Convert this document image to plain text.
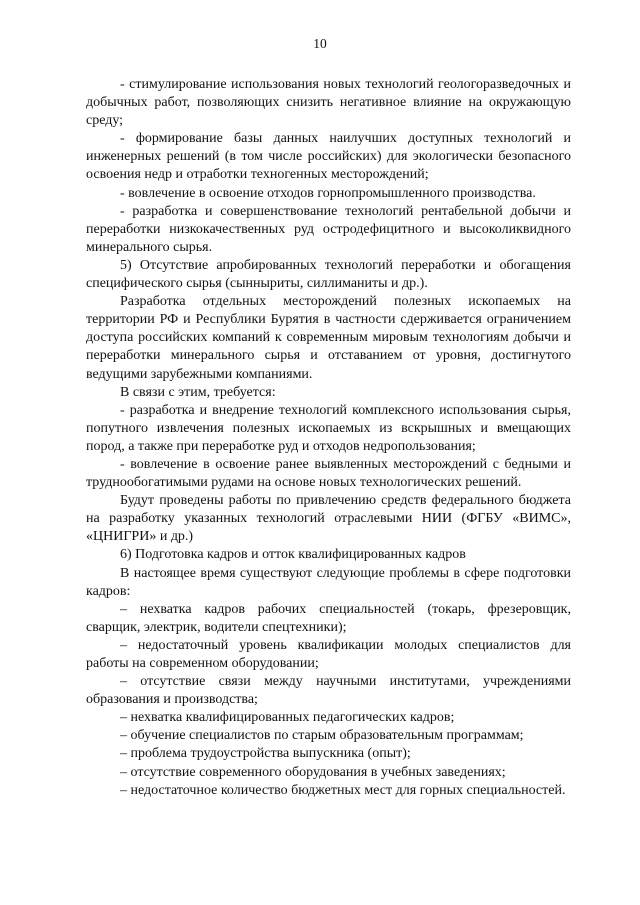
10

- стимулирование использования новых технологий геологоразведочных и добычных работ, позволяющих снизить негативное влияние на окружающую среду;

- формирование базы данных наилучших доступных технологий и инженерных решений (в том числе российских) для экологически безопасного освоения недр и отработки техногенных месторождений;

- вовлечение в освоение отходов горнопромышленного производства.

- разработка и совершенствование технологий рентабельной добычи и переработки низкокачественных руд остродефицитного и высоколиквидного минерального сырья.

5) Отсутствие апробированных технологий переработки и обогащения специфического сырья (сынныриты, силлиманиты и др.).

Разработка отдельных месторождений полезных ископаемых на территории РФ и Республики Бурятия в частности сдерживается ограничением доступа российских компаний к современным мировым технологиям добычи и переработки минерального сырья и отставанием от уровня, достигнутого ведущими зарубежными компаниями.

В связи с этим, требуется:

- разработка и внедрение технологий комплексного использования сырья, попутного извлечения полезных ископаемых из вскрышных и вмещающих пород, а также при переработке руд и отходов недропользования;

- вовлечение в освоение ранее выявленных месторождений с бедными и труднообогатимыми рудами на основе новых технологических решений.

Будут проведены работы по привлечению средств федерального бюджета на разработку указанных технологий отраслевыми НИИ (ФГБУ «ВИМС», «ЦНИГРИ» и др.)

6) Подготовка кадров и отток квалифицированных кадров

В настоящее время существуют следующие проблемы в сфере подготовки кадров:

– нехватка кадров рабочих специальностей (токарь, фрезеровщик, сварщик, электрик, водители спецтехники);

– недостаточный уровень квалификации молодых специалистов для работы на современном оборудовании;

– отсутствие связи между научными институтами, учреждениями образования и производства;

– нехватка квалифицированных педагогических кадров;

– обучение специалистов по старым образовательным программам;

– проблема трудоустройства выпускника (опыт);

– отсутствие современного оборудования в учебных заведениях;

– недостаточное количество бюджетных мест для горных специальностей.
